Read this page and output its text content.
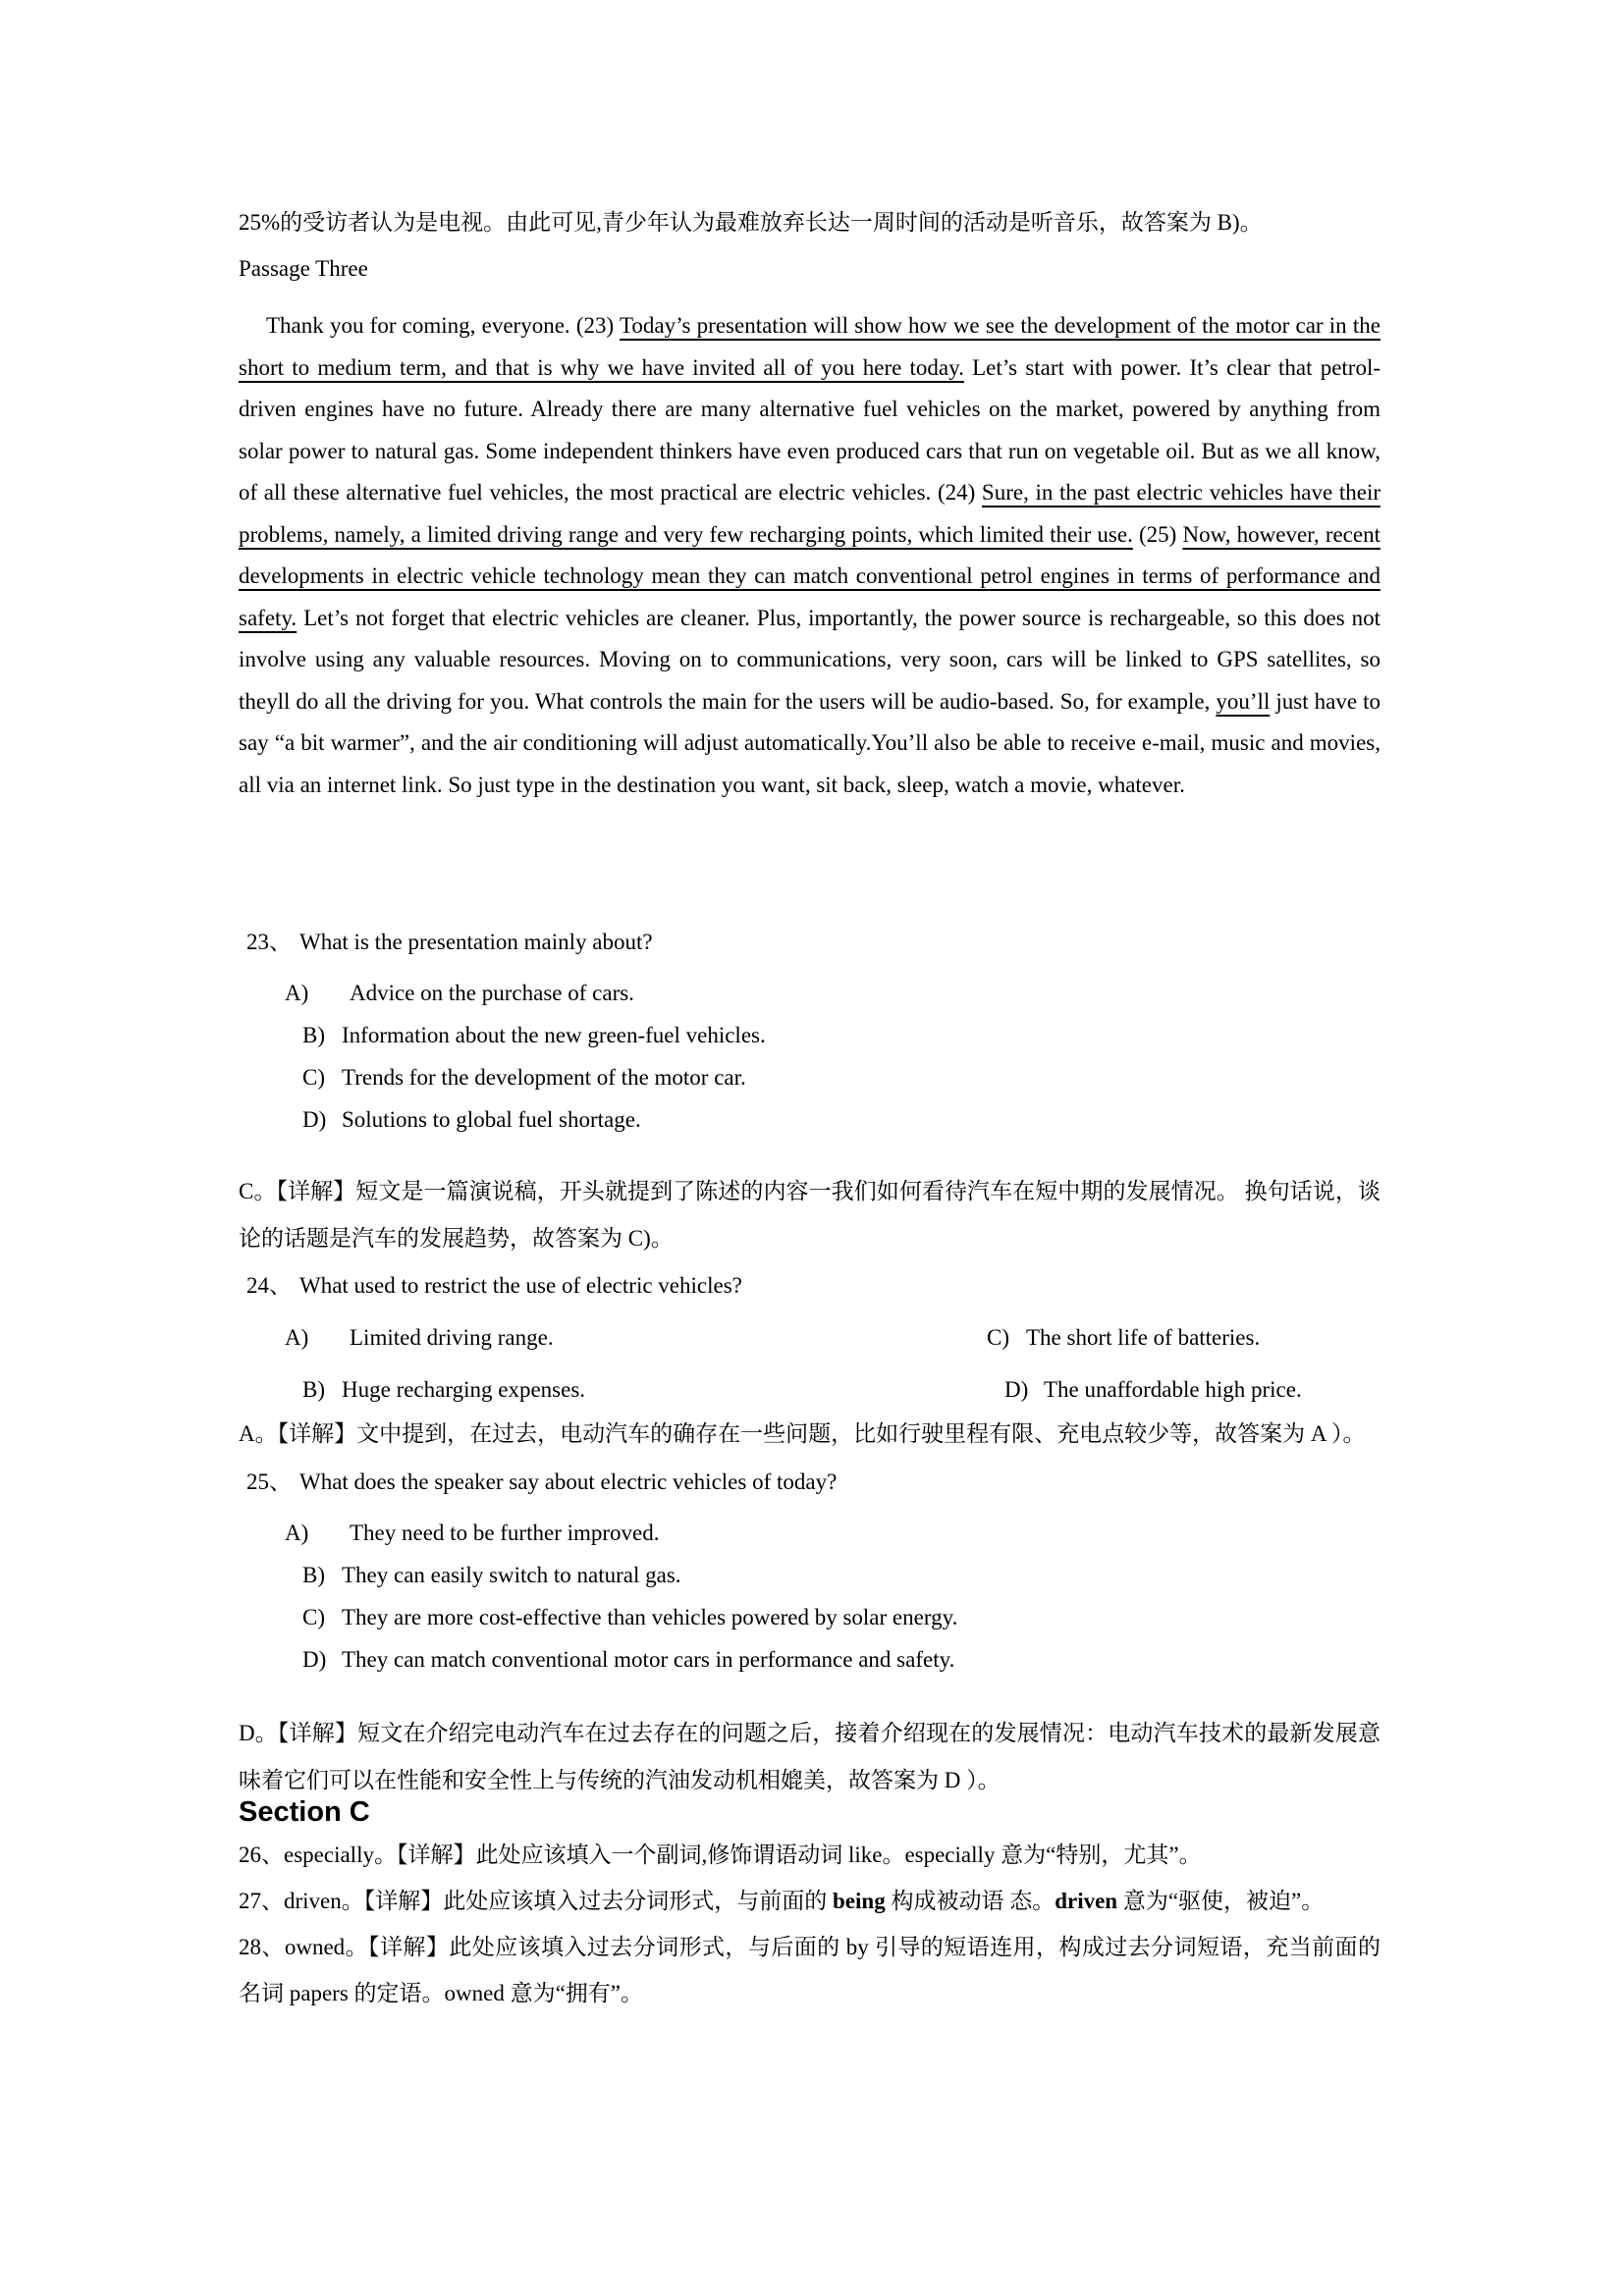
25%的受访者认为是电视。由此可见,青少年认为最难放弃长达一周时间的活动是听音乐，故答案为 B)。
Passage Three

Thank you for coming, everyone. (23) Today’s presentation will show how we see the development of the motor car in the short to medium term, and that is why we have invited all of you here today. Let’s start with power. It’s clear that petrol-driven engines have no future. Already there are many alternative fuel vehicles on the market, powered by anything from solar power to natural gas. Some independent thinkers have even produced cars that run on vegetable oil. But as we all know, of all these alternative fuel vehicles, the most practical are electric vehicles. (24) Sure, in the past electric vehicles have their problems, namely, a limited driving range and very few recharging points, which limited their use. (25) Now, however, recent developments in electric vehicle technology mean they can match conventional petrol engines in terms of performance and safety. Let’s not forget that electric vehicles are cleaner. Plus, importantly, the power source is rechargeable, so this does not involve using any valuable resources. Moving on to communications, very soon, cars will be linked to GPS satellites, so theyll do all the driving for you. What controls the main for the users will be audio-based. So, for example, you’ll just have to say “a bit warmer”, and the air conditioning will adjust automatically.You’ll also be able to receive e-mail, music and movies, all via an internet link. So just type in the destination you want, sit back, sleep, watch a movie, whatever.

23、 What is the presentation mainly about?
A) Advice on the purchase of cars.
B) Information about the new green-fuel vehicles.
C) Trends for the development of the motor car.
D) Solutions to global fuel shortage.

C。【详解】短文是一篇演说稿，开头就提到了陈述的内容一我们如何看待汽车在短中期的发展情况。 换句话说，谈论的话题是汽车的发展趋势，故答案为 C)。

24、 What used to restrict the use of electric vehicles?
A) Limited driving range.	C) The short life of batteries.
B) Huge recharging expenses.	D) The unaffordable high price.

A。【详解】文中提到，在过去，电动汽车的确存在一些问题，比如行驶里程有限、充电点较少等，故答案为 A ）。

25、 What does the speaker say about electric vehicles of today?
A) They need to be further improved.
B) They can easily switch to natural gas.
C) They are more cost-effective than vehicles powered by solar energy.
D) They can match conventional motor cars in performance and safety.

D。【详解】短文在介绍完电动汽车在过去存在的问题之后，接着介绍现在的发展情况：电动汽车技术的最新发展意味着它们可以在性能和安全性上与传统的汽油发动机相媲美，故答案为 D ）。

Section C
26、especially。【详解】此处应该填入一个副词,修饰谓语动词 like。especially 意为“特别，尤其”。
27、driven。【详解】此处应该填入过去分词形式，与前面的 being 构成被动语 态。driven 意为“驱使，被迫”。
28、owned。【详解】此处应该填入过去分词形式，与后面的 by 引导的短语连用，构成过去分词短语，充当前面的名词 papers 的定语。owned 意为“拥有”。
